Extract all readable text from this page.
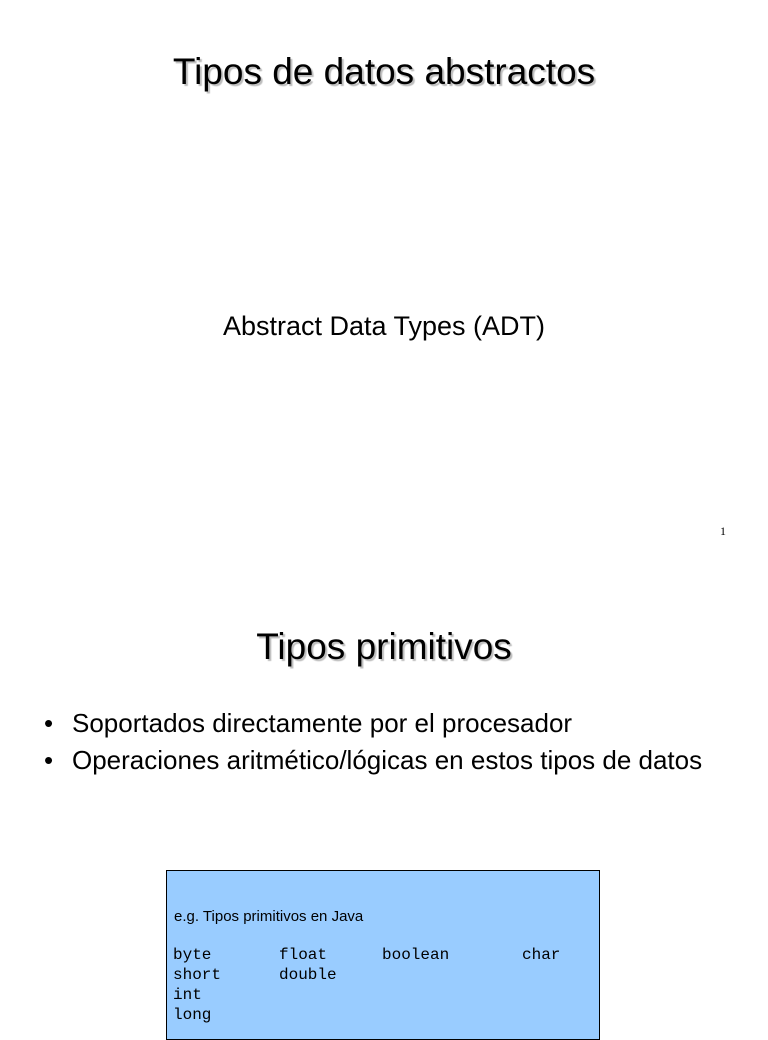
Tipos de datos abstractos
Abstract Data Types (ADT)
1
Tipos primitivos
• Soportados directamente por el procesador
• Operaciones aritmético/lógicas en estos tipos de datos
e.g. Tipos primitivos en Java
byte	float	boolean	char
short	double		
int			
long			
